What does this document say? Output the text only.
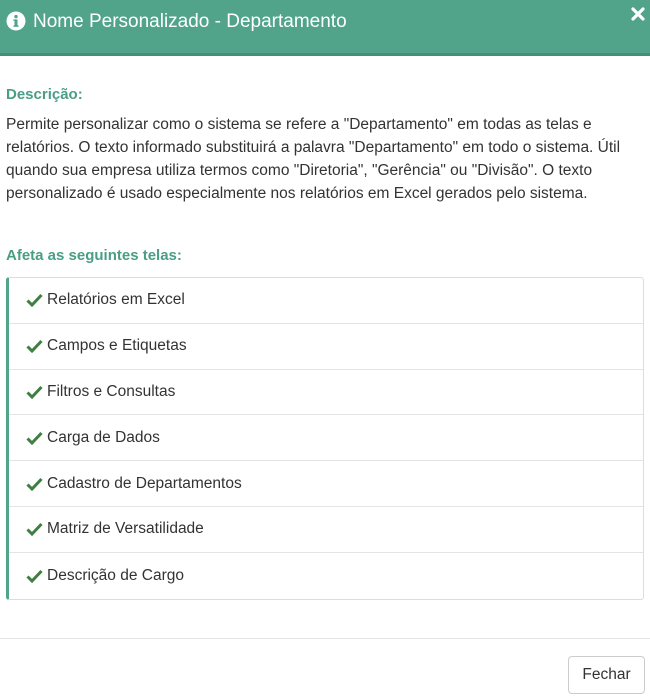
Nome Personalizado - Departamento
Descrição:
Permite personalizar como o sistema se refere a "Departamento" em todas as telas e relatórios. O texto informado substituirá a palavra "Departamento" em todo o sistema. Útil quando sua empresa utiliza termos como "Diretoria", "Gerência" ou "Divisão". O texto personalizado é usado especialmente nos relatórios em Excel gerados pelo sistema.
Afeta as seguintes telas:
Relatórios em Excel
Campos e Etiquetas
Filtros e Consultas
Carga de Dados
Cadastro de Departamentos
Matriz de Versatilidade
Descrição de Cargo
Fechar
